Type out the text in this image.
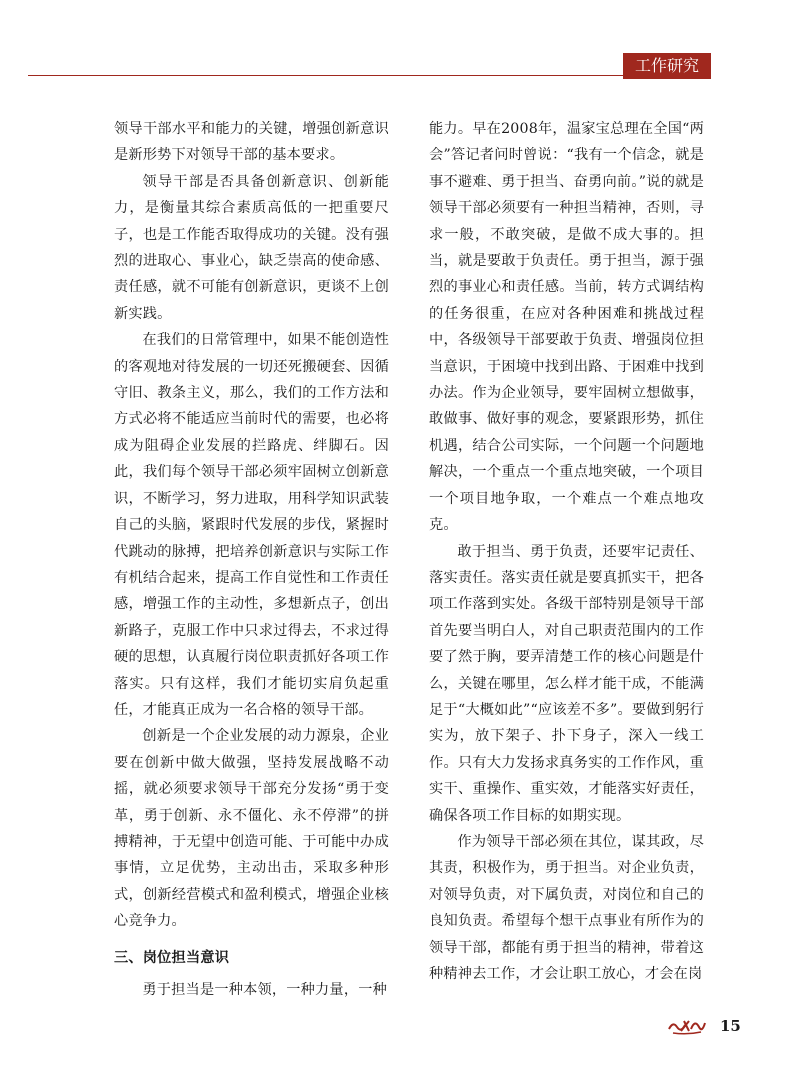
工作研究

领导干部水平和能力的关键，增强创新意识是新形势下对领导干部的基本要求。

领导干部是否具备创新意识、创新能力，是衡量其综合素质高低的一把重要尺子，也是工作能否取得成功的关键。没有强烈的进取心、事业心，缺乏崇高的使命感、责任感，就不可能有创新意识，更谈不上创新实践。

在我们的日常管理中，如果不能创造性的客观地对待发展的一切还死搬硬套、因循守旧、教条主义，那么，我们的工作方法和方式必将不能适应当前时代的需要，也必将成为阻碍企业发展的拦路虎、绊脚石。因此，我们每个领导干部必须牢固树立创新意识，不断学习，努力进取，用科学知识武装自己的头脑，紧跟时代发展的步伐，紧握时代跳动的脉搏，把培养创新意识与实际工作有机结合起来，提高工作自觉性和工作责任感，增强工作的主动性，多想新点子，创出新路子，克服工作中只求过得去，不求过得硬的思想，认真履行岗位职责抓好各项工作落实。只有这样，我们才能切实肩负起重任，才能真正成为一名合格的领导干部。

创新是一个企业发展的动力源泉，企业要在创新中做大做强，坚持发展战略不动摇，就必须要求领导干部充分发扬“勇于变革，勇于创新、永不僵化、永不停滞”的拼搏精神，于无望中创造可能、于可能中办成事情，立足优势，主动出击，采取多种形式，创新经营模式和盈利模式，增强企业核心竞争力。

三、岗位担当意识

勇于担当是一种本领，一种力量，一种

能力。早在2008年，温家宝总理在全国“两会”答记者问时曾说：“我有一个信念，就是事不避难、勇于担当、奋勇向前。”说的就是领导干部必须要有一种担当精神，否则，寻求一般，不敢突破，是做不成大事的。担当，就是要敢于负责任。勇于担当，源于强烈的事业心和责任感。当前，转方式调结构的任务很重，在应对各种困难和挑战过程中，各级领导干部要敢于负责、增强岗位担当意识，于困境中找到出路、于困难中找到办法。作为企业领导，要牢固树立想做事，敢做事、做好事的观念，要紧跟形势，抓住机遇，结合公司实际，一个问题一个问题地解决，一个重点一个重点地突破，一个项目一个项目地争取，一个难点一个难点地攻克。

敢于担当、勇于负责，还要牢记责任、落实责任。落实责任就是要真抓实干，把各项工作落到实处。各级干部特别是领导干部首先要当明白人，对自己职责范围内的工作要了然于胸，要弄清楚工作的核心问题是什么，关键在哪里，怎么样才能干成，不能满足于“大概如此”“应该差不多”。要做到躬行实为，放下架子、扑下身子，深入一线工作。只有大力发扬求真务实的工作作风，重实干、重操作、重实效，才能落实好责任，确保各项工作目标的如期实现。

作为领导干部必须在其位，谋其政，尽其责，积极作为，勇于担当。对企业负责，对领导负责，对下属负责，对岗位和自己的良知负责。希望每个想干点事业有所作为的领导干部，都能有勇于担当的精神，带着这种精神去工作，才会让职工放心，才会在岗

15
